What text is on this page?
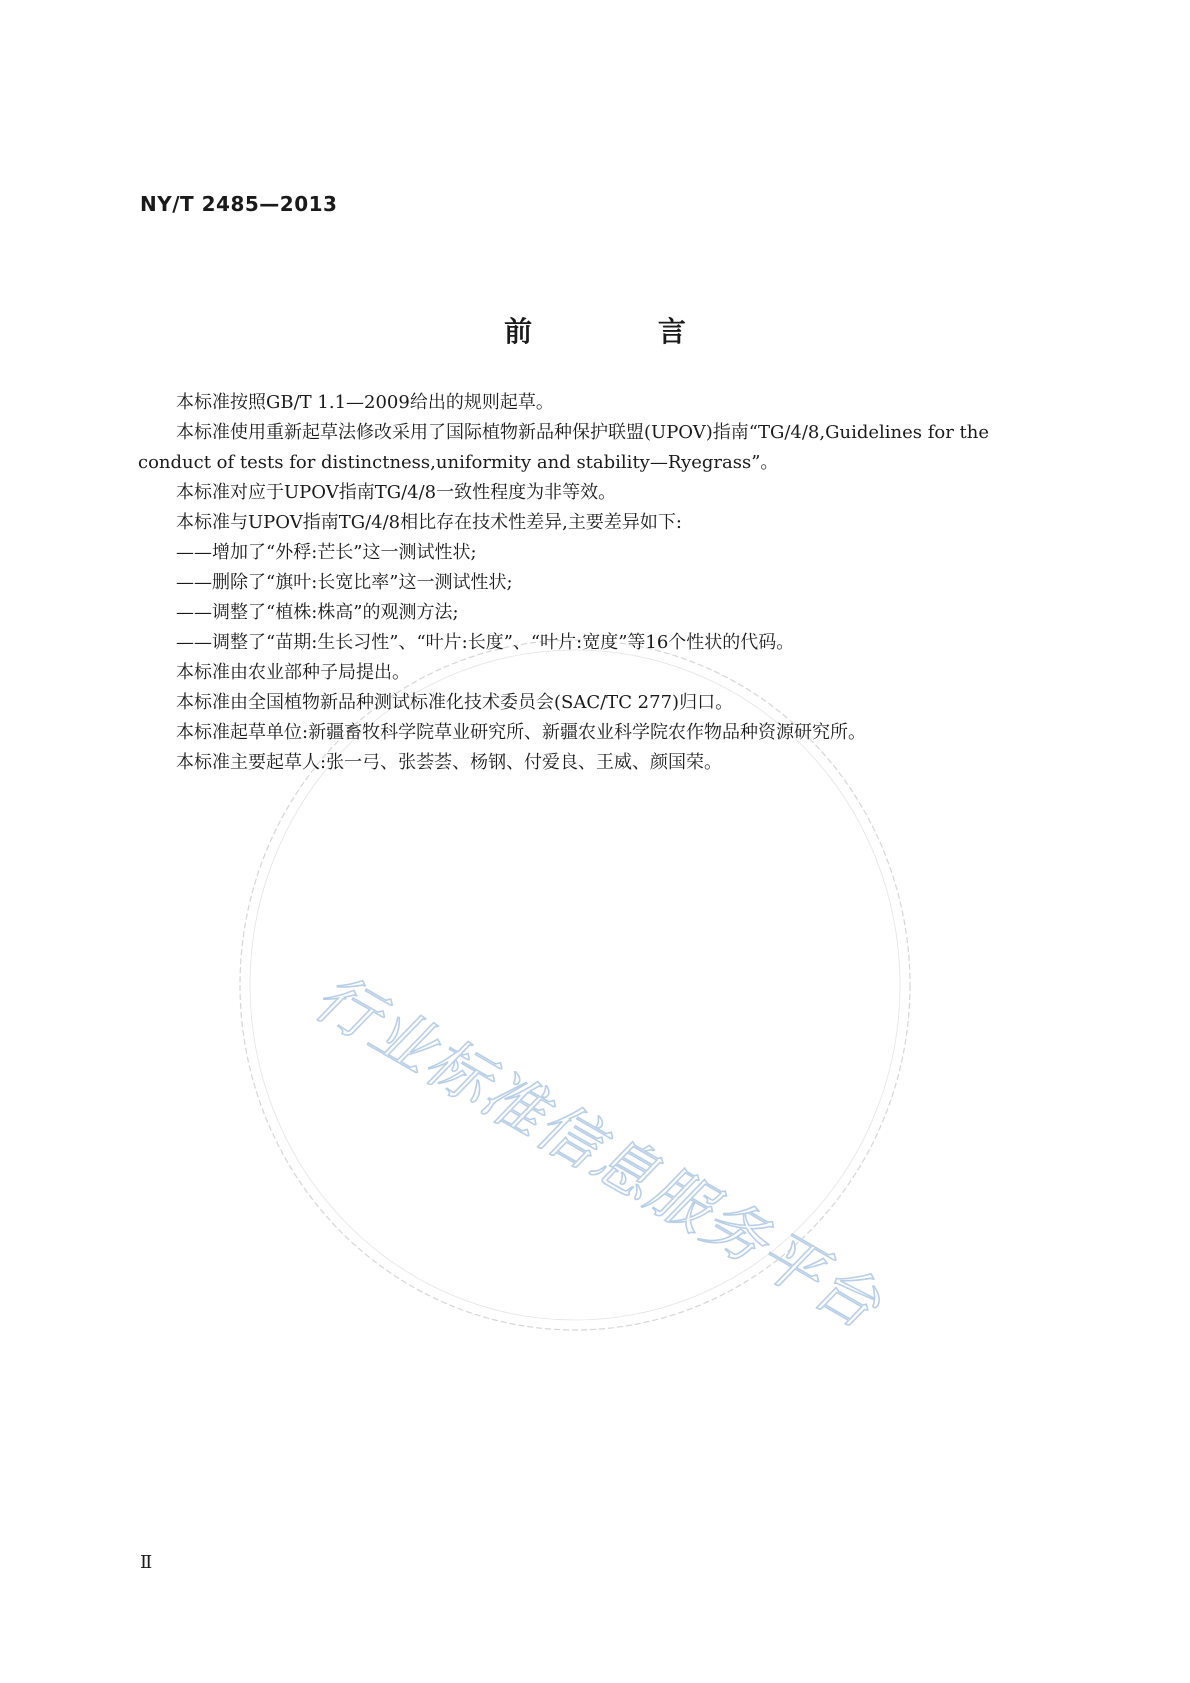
行业标准信息服务平台
NY/T 2485—2013
前 言

本标准按照GB/T 1.1—2009给出的规则起草。

本标准使用重新起草法修改采用了国际植物新品种保护联盟(UPOV)指南“TG/4/8,Guidelines for the conduct of tests for distinctness,uniformity and stability—Ryegrass”。

本标准对应于UPOV指南TG/4/8一致性程度为非等效。

本标准与UPOV指南TG/4/8相比存在技术性差异,主要差异如下:

——增加了“外稃:芒长”这一测试性状;

——删除了“旗叶:长宽比率”这一测试性状;

——调整了“植株:株高”的观测方法;

——调整了“苗期:生长习性”、“叶片:长度”、“叶片:宽度”等16个性状的代码。

本标准由农业部种子局提出。

本标准由全国植物新品种测试标准化技术委员会(SAC/TC 277)归口。

本标准起草单位:新疆畜牧科学院草业研究所、新疆农业科学院农作物品种资源研究所。

本标准主要起草人:张一弓、张荟荟、杨钢、付爱良、王威、颜国荣。

Ⅱ
